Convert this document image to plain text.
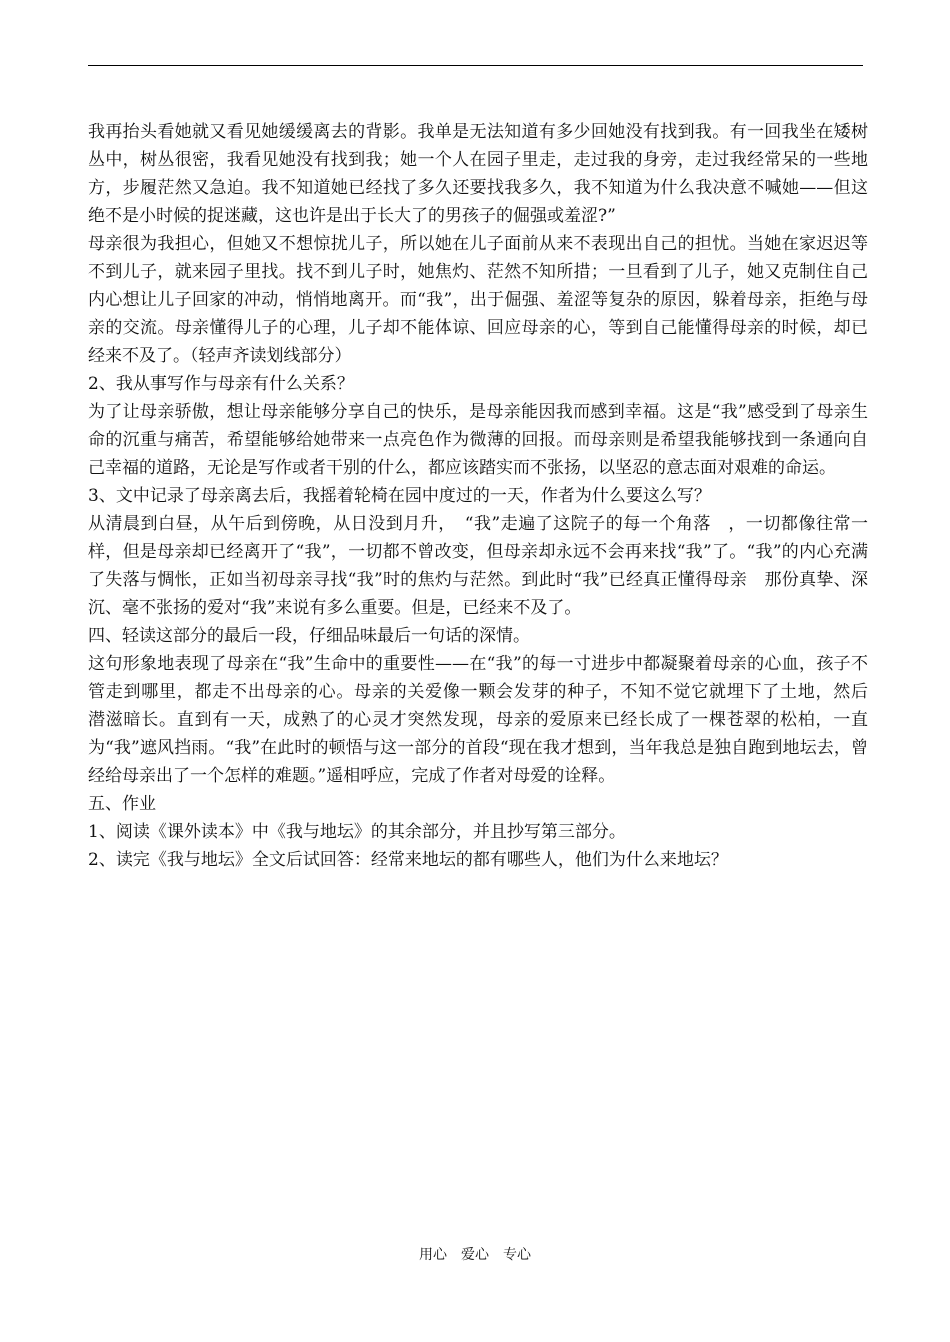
我再抬头看她就又看见她缓缓离去的背影。我单是无法知道有多少回她没有找到我。有一回我坐在矮树丛中，树丛很密，我看见她没有找到我；她一个人在园子里走，走过我的身旁，走过我经常呆的一些地方，步履茫然又急迫。我不知道她已经找了多久还要找我多久，我不知道为什么我决意不喊她——但这绝不是小时候的捉迷藏，这也许是出于长大了的男孩子的倔强或羞涩?”

母亲很为我担心，但她又不想惊扰儿子，所以她在儿子面前从来不表现出自己的担忧。当她在家迟迟等不到儿子，就来园子里找。找不到儿子时，她焦灼、茫然不知所措；一旦看到了儿子，她又克制住自己内心想让儿子回家的冲动，悄悄地离开。而“我”，出于倔强、羞涩等复杂的原因，躲着母亲，拒绝与母亲的交流。母亲懂得儿子的心理，儿子却不能体谅、回应母亲的心，等到自己能懂得母亲的时候，却已经来不及了。（轻声齐读划线部分）

2、我从事写作与母亲有什么关系？

为了让母亲骄傲，想让母亲能够分享自己的快乐，是母亲能因我而感到幸福。这是“我”感受到了母亲生命的沉重与痛苦，希望能够给她带来一点亮色作为微薄的回报。而母亲则是希望我能够找到一条通向自己幸福的道路，无论是写作或者干别的什么，都应该踏实而不张扬，以坚忍的意志面对艰难的命运。

3、文中记录了母亲离去后，我摇着轮椅在园中度过的一天，作者为什么要这么写？

从清晨到白昼，从午后到傍晚，从日没到月升，　“我”走遍了这院子的每一个角落　，一切都像往常一样，但是母亲却已经离开了“我”，一切都不曾改变，但母亲却永远不会再来找“我”了。“我”的内心充满了失落与惆怅，正如当初母亲寻找“我”时的焦灼与茫然。到此时“我”已经真正懂得母亲　那份真挚、深沉、毫不张扬的爱对“我”来说有多么重要。但是，已经来不及了。

四、轻读这部分的最后一段，仔细品味最后一句话的深情。

这句形象地表现了母亲在“我”生命中的重要性——在“我”的每一寸进步中都凝聚着母亲的心血，孩子不管走到哪里，都走不出母亲的心。母亲的关爱像一颗会发芽的种子，不知不觉它就埋下了土地，然后　潜滋暗长。直到有一天，成熟了的心灵才突然发现，母亲的爱原来已经长成了一棵苍翠的松柏，一直为“我”遮风挡雨。“我”在此时的顿悟与这一部分的首段“现在我才想到，当年我总是独自跑到地坛去，曾经给母亲出了一个怎样的难题。”遥相呼应，完成了作者对母爱的诠释。

五、作业

1、阅读《课外读本》中《我与地坛》的其余部分，并且抄写第三部分。

2、读完《我与地坛》全文后试回答：经常来地坛的都有哪些人，他们为什么来地坛？

用心　爱心　专心
